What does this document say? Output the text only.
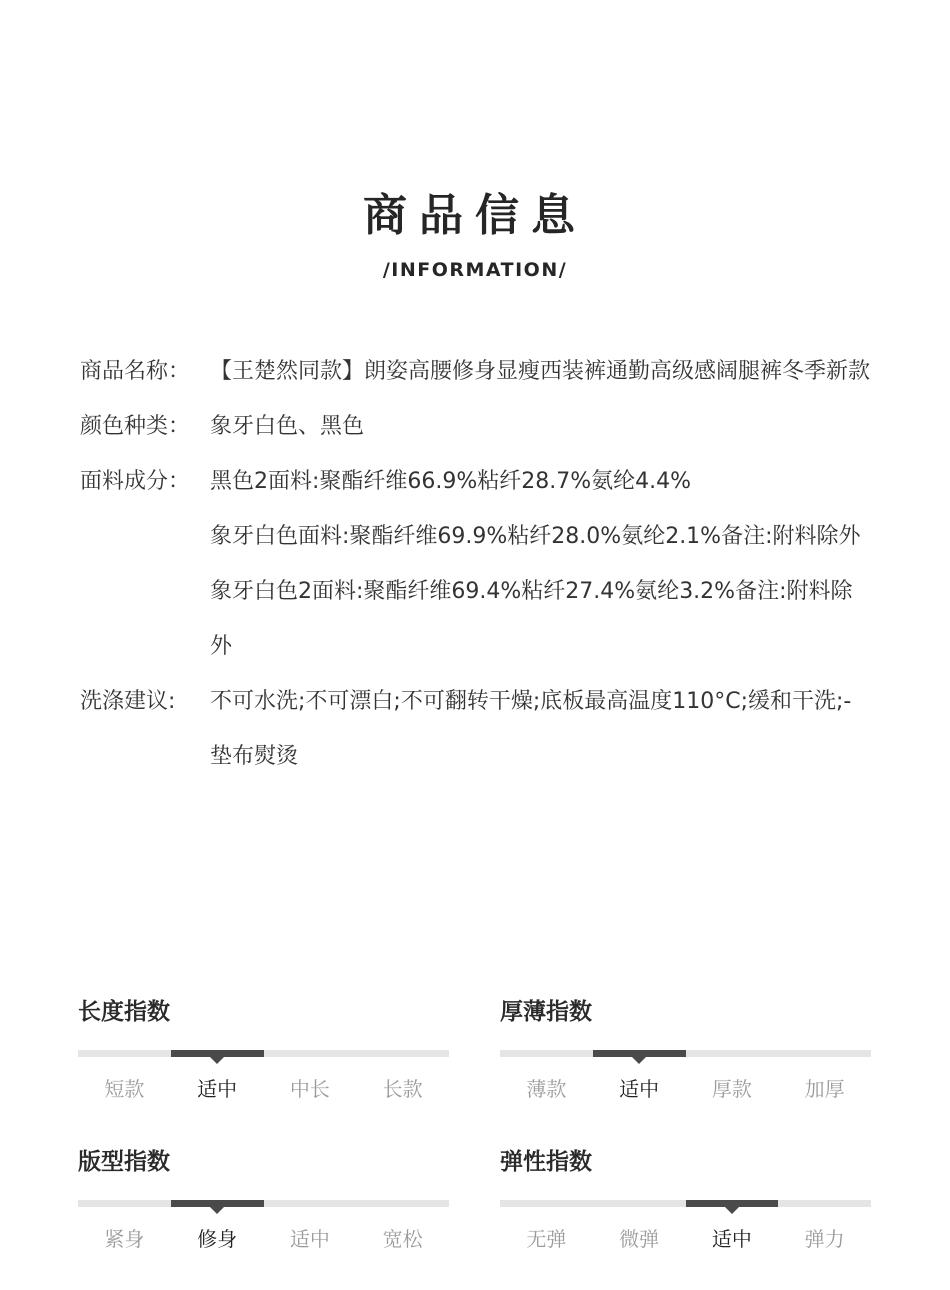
商品信息
/INFORMATION/
商品名称： 【王楚然同款】朗姿高腰修身显瘦西装裤通勤高级感阔腿裤冬季新款
颜色种类： 象牙白色、黑色
面料成分： 黑色2面料:聚酯纤维66.9%粘纤28.7%氨纶4.4%
象牙白色面料:聚酯纤维69.9%粘纤28.0%氨纶2.1%备注:附料除外
象牙白色2面料:聚酯纤维69.4%粘纤27.4%氨纶3.2%备注:附料除外
洗涤建议:	不可水洗;不可漂白;不可翻转干燥;底板最高温度110°C;缓和干洗;- 垫布熨烫
长度指数
短款	适中	中长	长款
厚薄指数
薄款	适中	厚款	加厚
版型指数
紧身	修身	适中	宽松
弹性指数
无弹	微弹	适中	弹力
